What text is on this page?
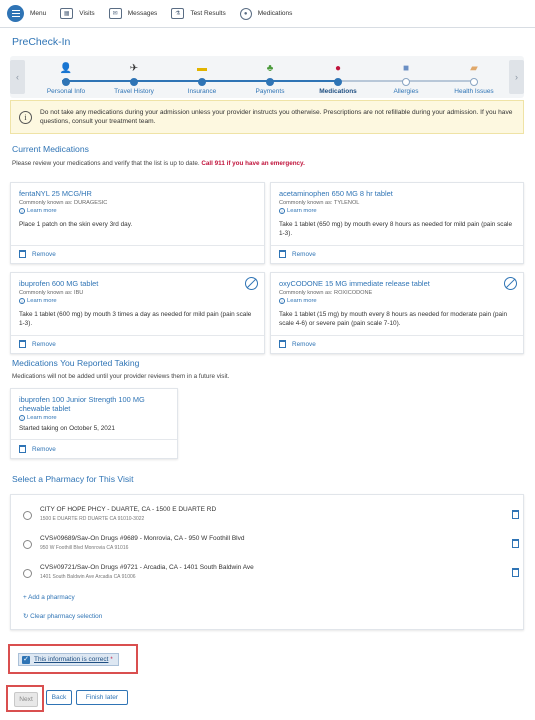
Menu	▦	Visits	✉	Messages	⚗	Test Results	●	Medications
PreCheck-In
‹	›
👤
Personal Info
✈
Travel History
▬
Insurance
♣
Payments
●
Medications
■
Allergies
▰
Health Issues
i
Do not take any medications during your admission unless your provider instructs you otherwise. Prescriptions are not refillable during your admission. If you have questions, consult your treatment team.
Current Medications
Please review your medications and verify that the list is up to date. Call 911 if you have an emergency.
fentaNYL 25 MCG/HR
Commonly known as: DURAGESIC
i Learn more
Place 1 patch on the skin every 3rd day.
Remove
acetaminophen 650 MG 8 hr tablet
Commonly known as: TYLENOL
i Learn more
Take 1 tablet (650 mg) by mouth every 8 hours as needed for mild pain (pain scale 1-3).
Remove
ibuprofen 600 MG tablet
Commonly known as: IBU
i Learn more
Take 1 tablet (600 mg) by mouth 3 times a day as needed for mild pain (pain scale 1-3).
Remove
oxyCODONE 15 MG immediate release tablet
Commonly known as: ROXICODONE
i Learn more
Take 1 tablet (15 mg) by mouth every 8 hours as needed for moderate pain (pain scale 4-6) or severe pain (pain scale 7-10).
Remove
Medications You Reported Taking
Medications will not be added until your provider reviews them in a future visit.
ibuprofen 100 Junior Strength 100 MG chewable tablet
i Learn more
Started taking on October 5, 2021
Remove
Select a Pharmacy for This Visit
CITY OF HOPE PHCY - DUARTE, CA - 1500 E DUARTE RD
1500 E DUARTE RD DUARTE CA 91010-3022
CVS#09689/Sav-On Drugs #9689 - Monrovia, CA - 950 W Foothill Blvd
950 W Foothill Blvd Monrovia CA 91016
CVS#09721/Sav-On Drugs #9721 - Arcadia, CA - 1401 South Baldwin Ave
1401 South Baldwin Ave Arcadia CA 91006
+ Add a pharmacy
↻ Clear pharmacy selection
✓ This information is correct *
Next	Back	Finish later
